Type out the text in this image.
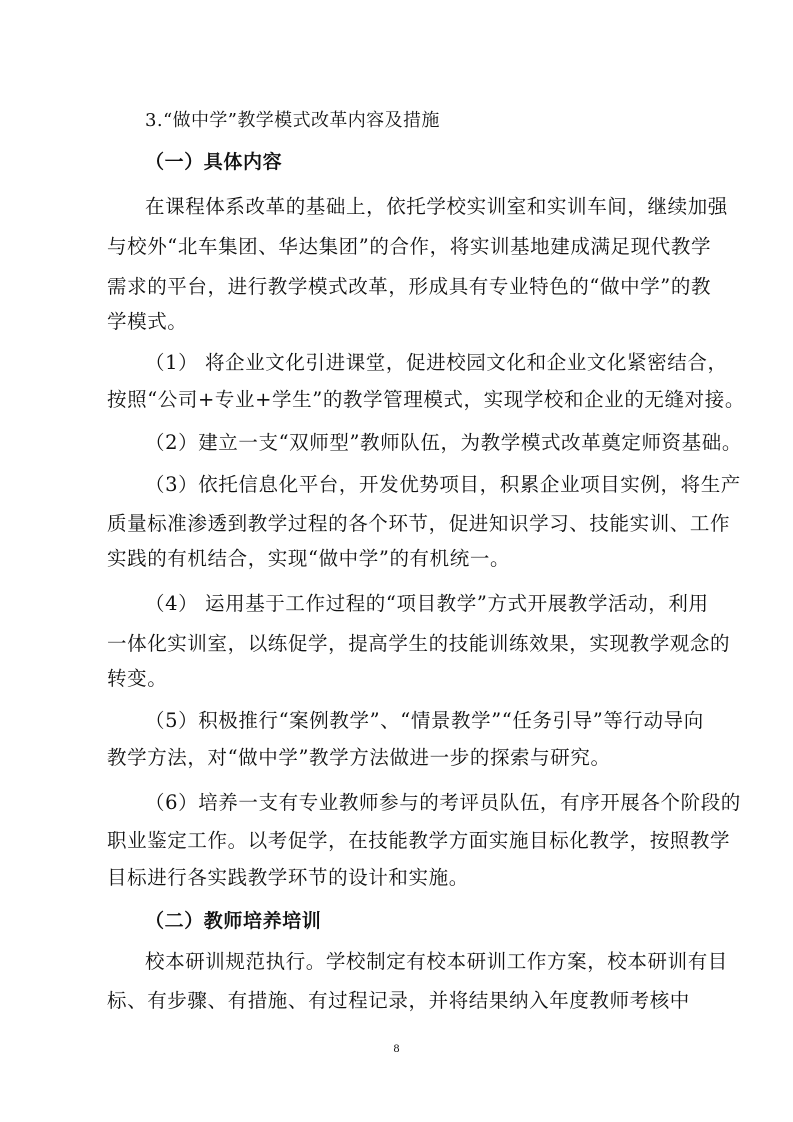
3.“做中学”教学模式改革内容及措施
（一）具体内容
在课程体系改革的基础上，依托学校实训室和实训车间，继续加强
与校外“北车集团、华达集团”的合作，将实训基地建成满足现代教学
需求的平台，进行教学模式改革，形成具有专业特色的“做中学”的教
学模式。
（1） 将企业文化引进课堂，促进校园文化和企业文化紧密结合，
按照“公司+专业+学生”的教学管理模式，实现学校和企业的无缝对接。
（2）建立一支“双师型”教师队伍，为教学模式改革奠定师资基础。
（3）依托信息化平台，开发优势项目，积累企业项目实例，将生产
质量标准渗透到教学过程的各个环节，促进知识学习、技能实训、工作
实践的有机结合，实现“做中学”的有机统一。
（4） 运用基于工作过程的“项目教学”方式开展教学活动，利用
一体化实训室，以练促学，提高学生的技能训练效果，实现教学观念的
转变。
（5）积极推行“案例教学”、“情景教学”“任务引导”等行动导向
教学方法，对“做中学”教学方法做进一步的探索与研究。
（6）培养一支有专业教师参与的考评员队伍，有序开展各个阶段的
职业鉴定工作。以考促学，在技能教学方面实施目标化教学，按照教学
目标进行各实践教学环节的设计和实施。
（二）教师培养培训
校本研训规范执行。学校制定有校本研训工作方案，校本研训有目
标、有步骤、有措施、有过程记录，并将结果纳入年度教师考核中
8
